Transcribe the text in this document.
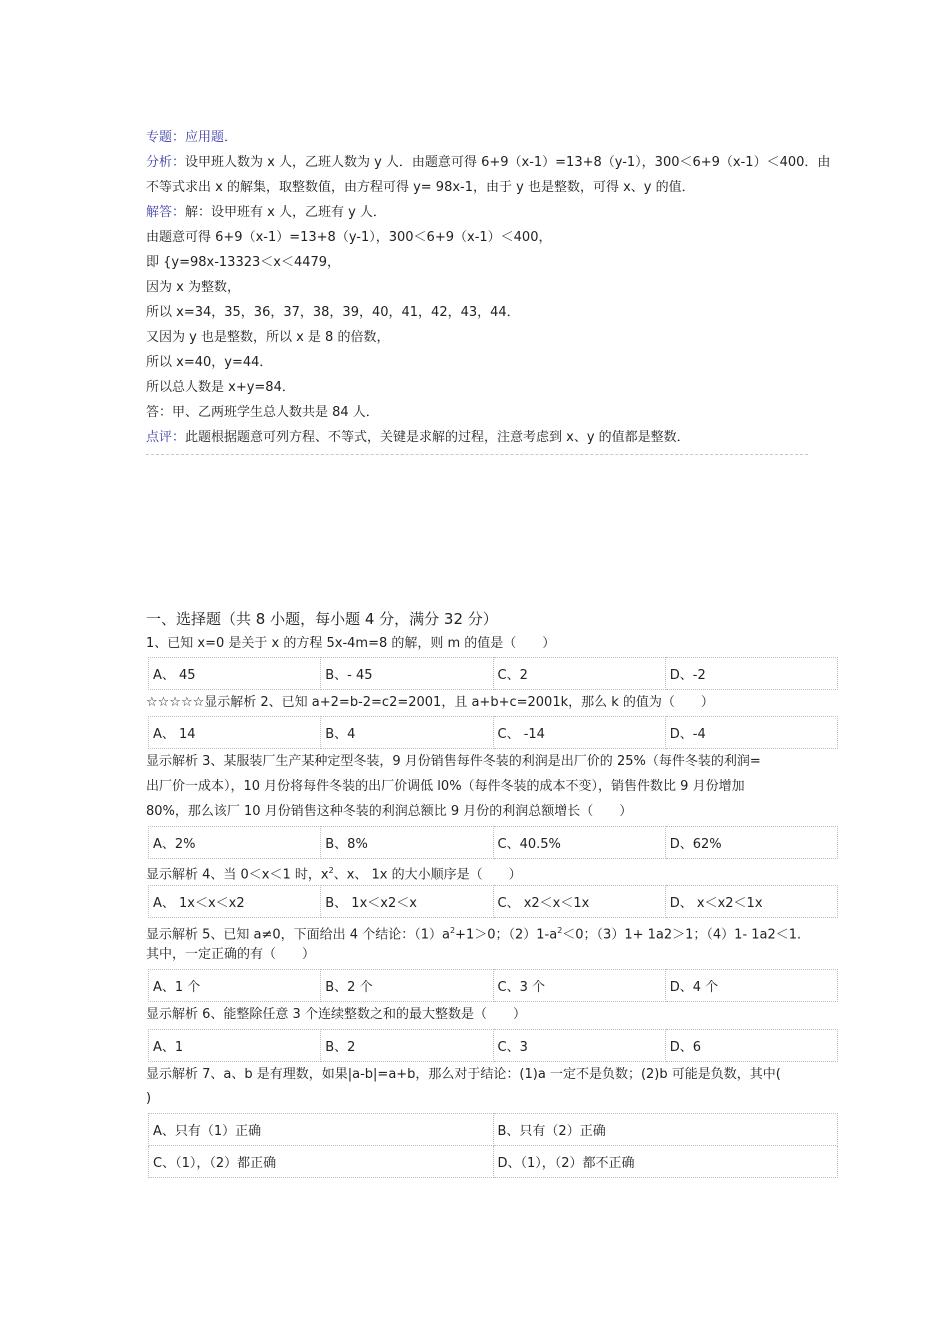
专题：应用题．
分析：设甲班人数为 x 人，乙班人数为 y 人．由题意可得 6+9（x-1）=13+8（y-1），300＜6+9（x-1）＜400．由
不等式求出 x 的解集，取整数值，由方程可得 y= 98x-1，由于 y 也是整数，可得 x、y 的值．
解答：解：设甲班有 x 人，乙班有 y 人．
由题意可得 6+9（x-1）=13+8（y-1），300＜6+9（x-1）＜400，
即 {y=98x-13323＜x＜4479，
因为 x 为整数，
所以 x=34，35，36，37，38，39，40，41，42，43，44．
又因为 y 也是整数，所以 x 是 8 的倍数，
所以 x=40，y=44．
所以总人数是 x+y=84．
答：甲、乙两班学生总人数共是 84 人．
点评：此题根据题意可列方程、不等式，关键是求解的过程，注意考虑到 x、y 的值都是整数．
一、选择题（共 8 小题，每小题 4 分，满分 32 分）
1、已知 x=0 是关于 x 的方程 5x-4m=8 的解，则 m 的值是（　　）
A、 45	B、- 45	C、2	D、-2
☆☆☆☆☆显示解析 2、已知 a+2=b-2=c2=2001，且 a+b+c=2001k，那么 k 的值为（　　）
A、 14	B、4	C、 -14	D、-4
显示解析 3、某服装厂生产某种定型冬装，9 月份销售每件冬装的利润是出厂价的 25%（每件冬装的利润=
出厂价一成本），10 月份将每件冬装的出厂价调低 l0%（每件冬装的成本不变），销售件数比 9 月份增加
80%，那么该厂 10 月份销售这种冬装的利润总额比 9 月份的利润总额增长（　　）
A、2%	B、8%	C、40.5%	D、62%
显示解析 4、当 0＜x＜1 时，$x^2$、x、 1x 的大小顺序是（　　）
A、 1x＜x＜x2	B、 1x＜x2＜x	C、 x2＜x＜1x	D、 x＜x2＜1x
显示解析 5、已知 a≠0，下面给出 4 个结论：$(1)a^2+1>0$；$(2)1-a^2<0$；（3）1+ 1a2＞1；（4）1- 1a2＜1.
其中，一定正确的有（　　）
A、1 个	B、2 个	C、3 个	D、4 个
显示解析 6、能整除任意 3 个连续整数之和的最大整数是（　　）
A、1	B、2	C、3	D、6
显示解析 7、a、b 是有理数，如果|a-b|=a+b，那么对于结论：(1)a 一定不是负数；(2)b 可能是负数，其中(
)
A、只有（1）正确	B、只有（2）正确
C、（1），（2）都正确	D、（1），（2）都不正确
